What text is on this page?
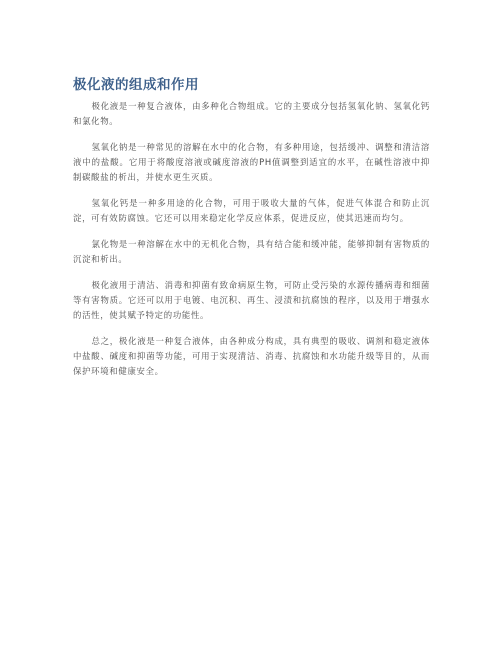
极化液的组成和作用

极化液是一种复合液体，由多种化合物组成。它的主要成分包括氢氧化钠、氢氧化钙和氯化物。

氢氧化钠是一种常见的溶解在水中的化合物，有多种用途，包括缓冲、调整和清洁溶液中的盐酸。它用于将酸度溶液或碱度溶液的PH值调整到适宜的水平，在碱性溶液中抑制碳酸盐的析出，并使水更生灭质。

氢氧化钙是一种多用途的化合物，可用于吸收大量的气体，促进气体混合和防止沉淀，可有效防腐蚀。它还可以用来稳定化学反应体系，促进反应，使其迅速而均匀。

氯化物是一种溶解在水中的无机化合物，具有结合能和缓冲能，能够抑制有害物质的沉淀和析出。

极化液用于清洁、消毒和抑菌有致命病原生物，可防止受污染的水源传播病毒和细菌等有害物质。它还可以用于电镀、电沉积、再生、浸渍和抗腐蚀的程序，以及用于增强水的活性，使其赋予特定的功能性。

总之，极化液是一种复合液体，由各种成分构成，具有典型的吸收、调剂和稳定液体中盐酸、碱度和抑菌等功能，可用于实现清洁、消毒、抗腐蚀和水功能升级等目的，从而保护环境和健康安全。
